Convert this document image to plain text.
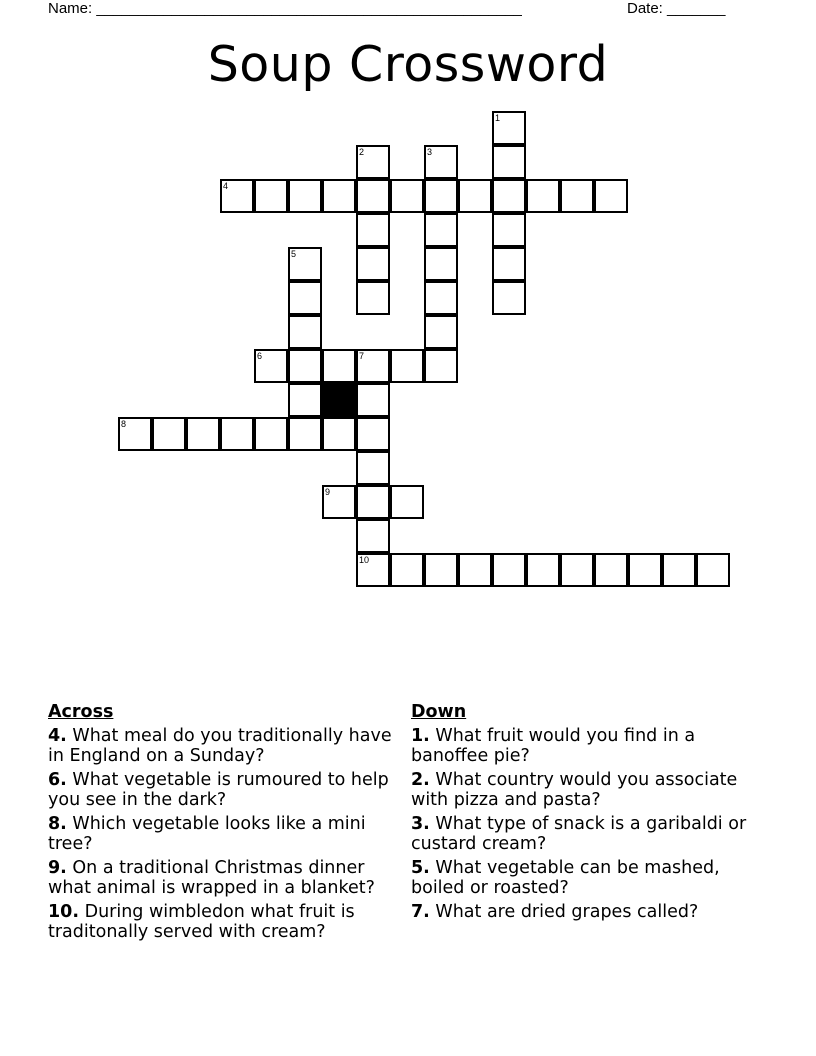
Name: ___________________________________________________	Date: _______
Soup Crossword
1
2	3
4
5
6	7
8
9
10
Across
4. What meal do you traditionally have in England on a Sunday?
6. What vegetable is rumoured to help you see in the dark?
8. Which vegetable looks like a mini tree?
9. On a traditional Christmas dinner what animal is wrapped in a blanket?
10. During wimbledon what fruit is traditonally served with cream?
Down
1. What fruit would you find in a banoffee pie?
2. What country would you associate with pizza and pasta?
3. What type of snack is a garibaldi or custard cream?
5. What vegetable can be mashed, boiled or roasted?
7. What are dried grapes called?
